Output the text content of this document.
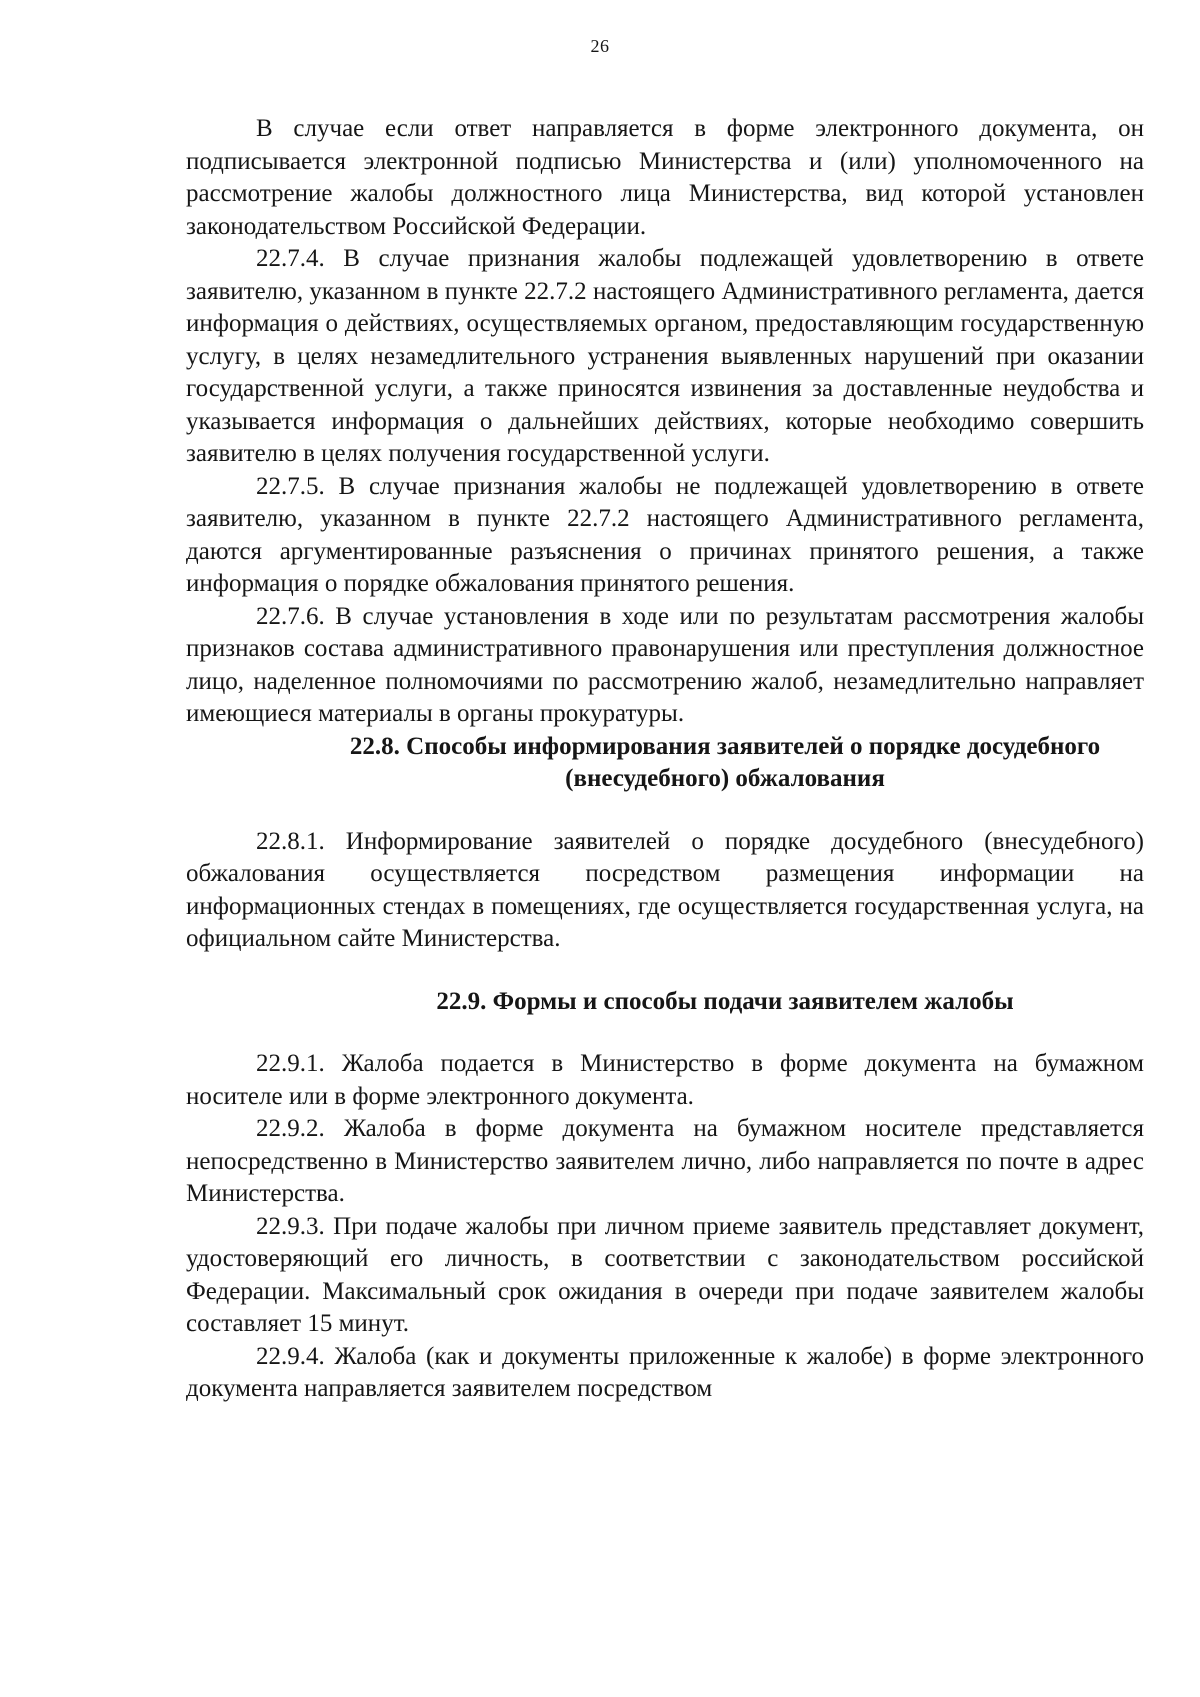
26

В случае если ответ направляется в форме электронного документа, он подписывается электронной подписью Министерства и (или) уполномоченного на рассмотрение жалобы должностного лица Министерства, вид которой установлен законодательством Российской Федерации.

22.7.4. В случае признания жалобы подлежащей удовлетворению в ответе заявителю, указанном в пункте 22.7.2 настоящего Административного регламента, дается информация о действиях, осуществляемых органом, предоставляющим государственную услугу, в целях незамедлительного устранения выявленных нарушений при оказании государственной услуги, а также приносятся извинения за доставленные неудобства и указывается информация о дальнейших действиях, которые необходимо совершить заявителю в целях получения государственной услуги.

22.7.5. В случае признания жалобы не подлежащей удовлетворению в ответе заявителю, указанном в пункте 22.7.2 настоящего Административного регламента, даются аргументированные разъяснения о причинах принятого решения, а также информация о порядке обжалования принятого решения.

22.7.6. В случае установления в ходе или по результатам рассмотрения жалобы признаков состава административного правонарушения или преступления должностное лицо, наделенное полномочиями по рассмотрению жалоб, незамедлительно направляет имеющиеся материалы в органы прокуратуры.

22.8. Способы информирования заявителей о порядке досудебного (внесудебного) обжалования

22.8.1. Информирование заявителей о порядке досудебного (внесудебного) обжалования осуществляется посредством размещения информации на информационных стендах в помещениях, где осуществляется государственная услуга, на официальном сайте Министерства.

22.9. Формы и способы подачи заявителем жалобы

22.9.1. Жалоба подается в Министерство в форме документа на бумажном носителе или в форме электронного документа.

22.9.2. Жалоба в форме документа на бумажном носителе представляется непосредственно в Министерство заявителем лично, либо направляется по почте в адрес Министерства.

22.9.3. При подаче жалобы при личном приеме заявитель представляет документ, удостоверяющий его личность, в соответствии с законодательством российской Федерации. Максимальный срок ожидания в очереди при подаче заявителем жалобы составляет 15 минут.

22.9.4. Жалоба (как и документы приложенные к жалобе) в форме электронного документа направляется заявителем посредством
